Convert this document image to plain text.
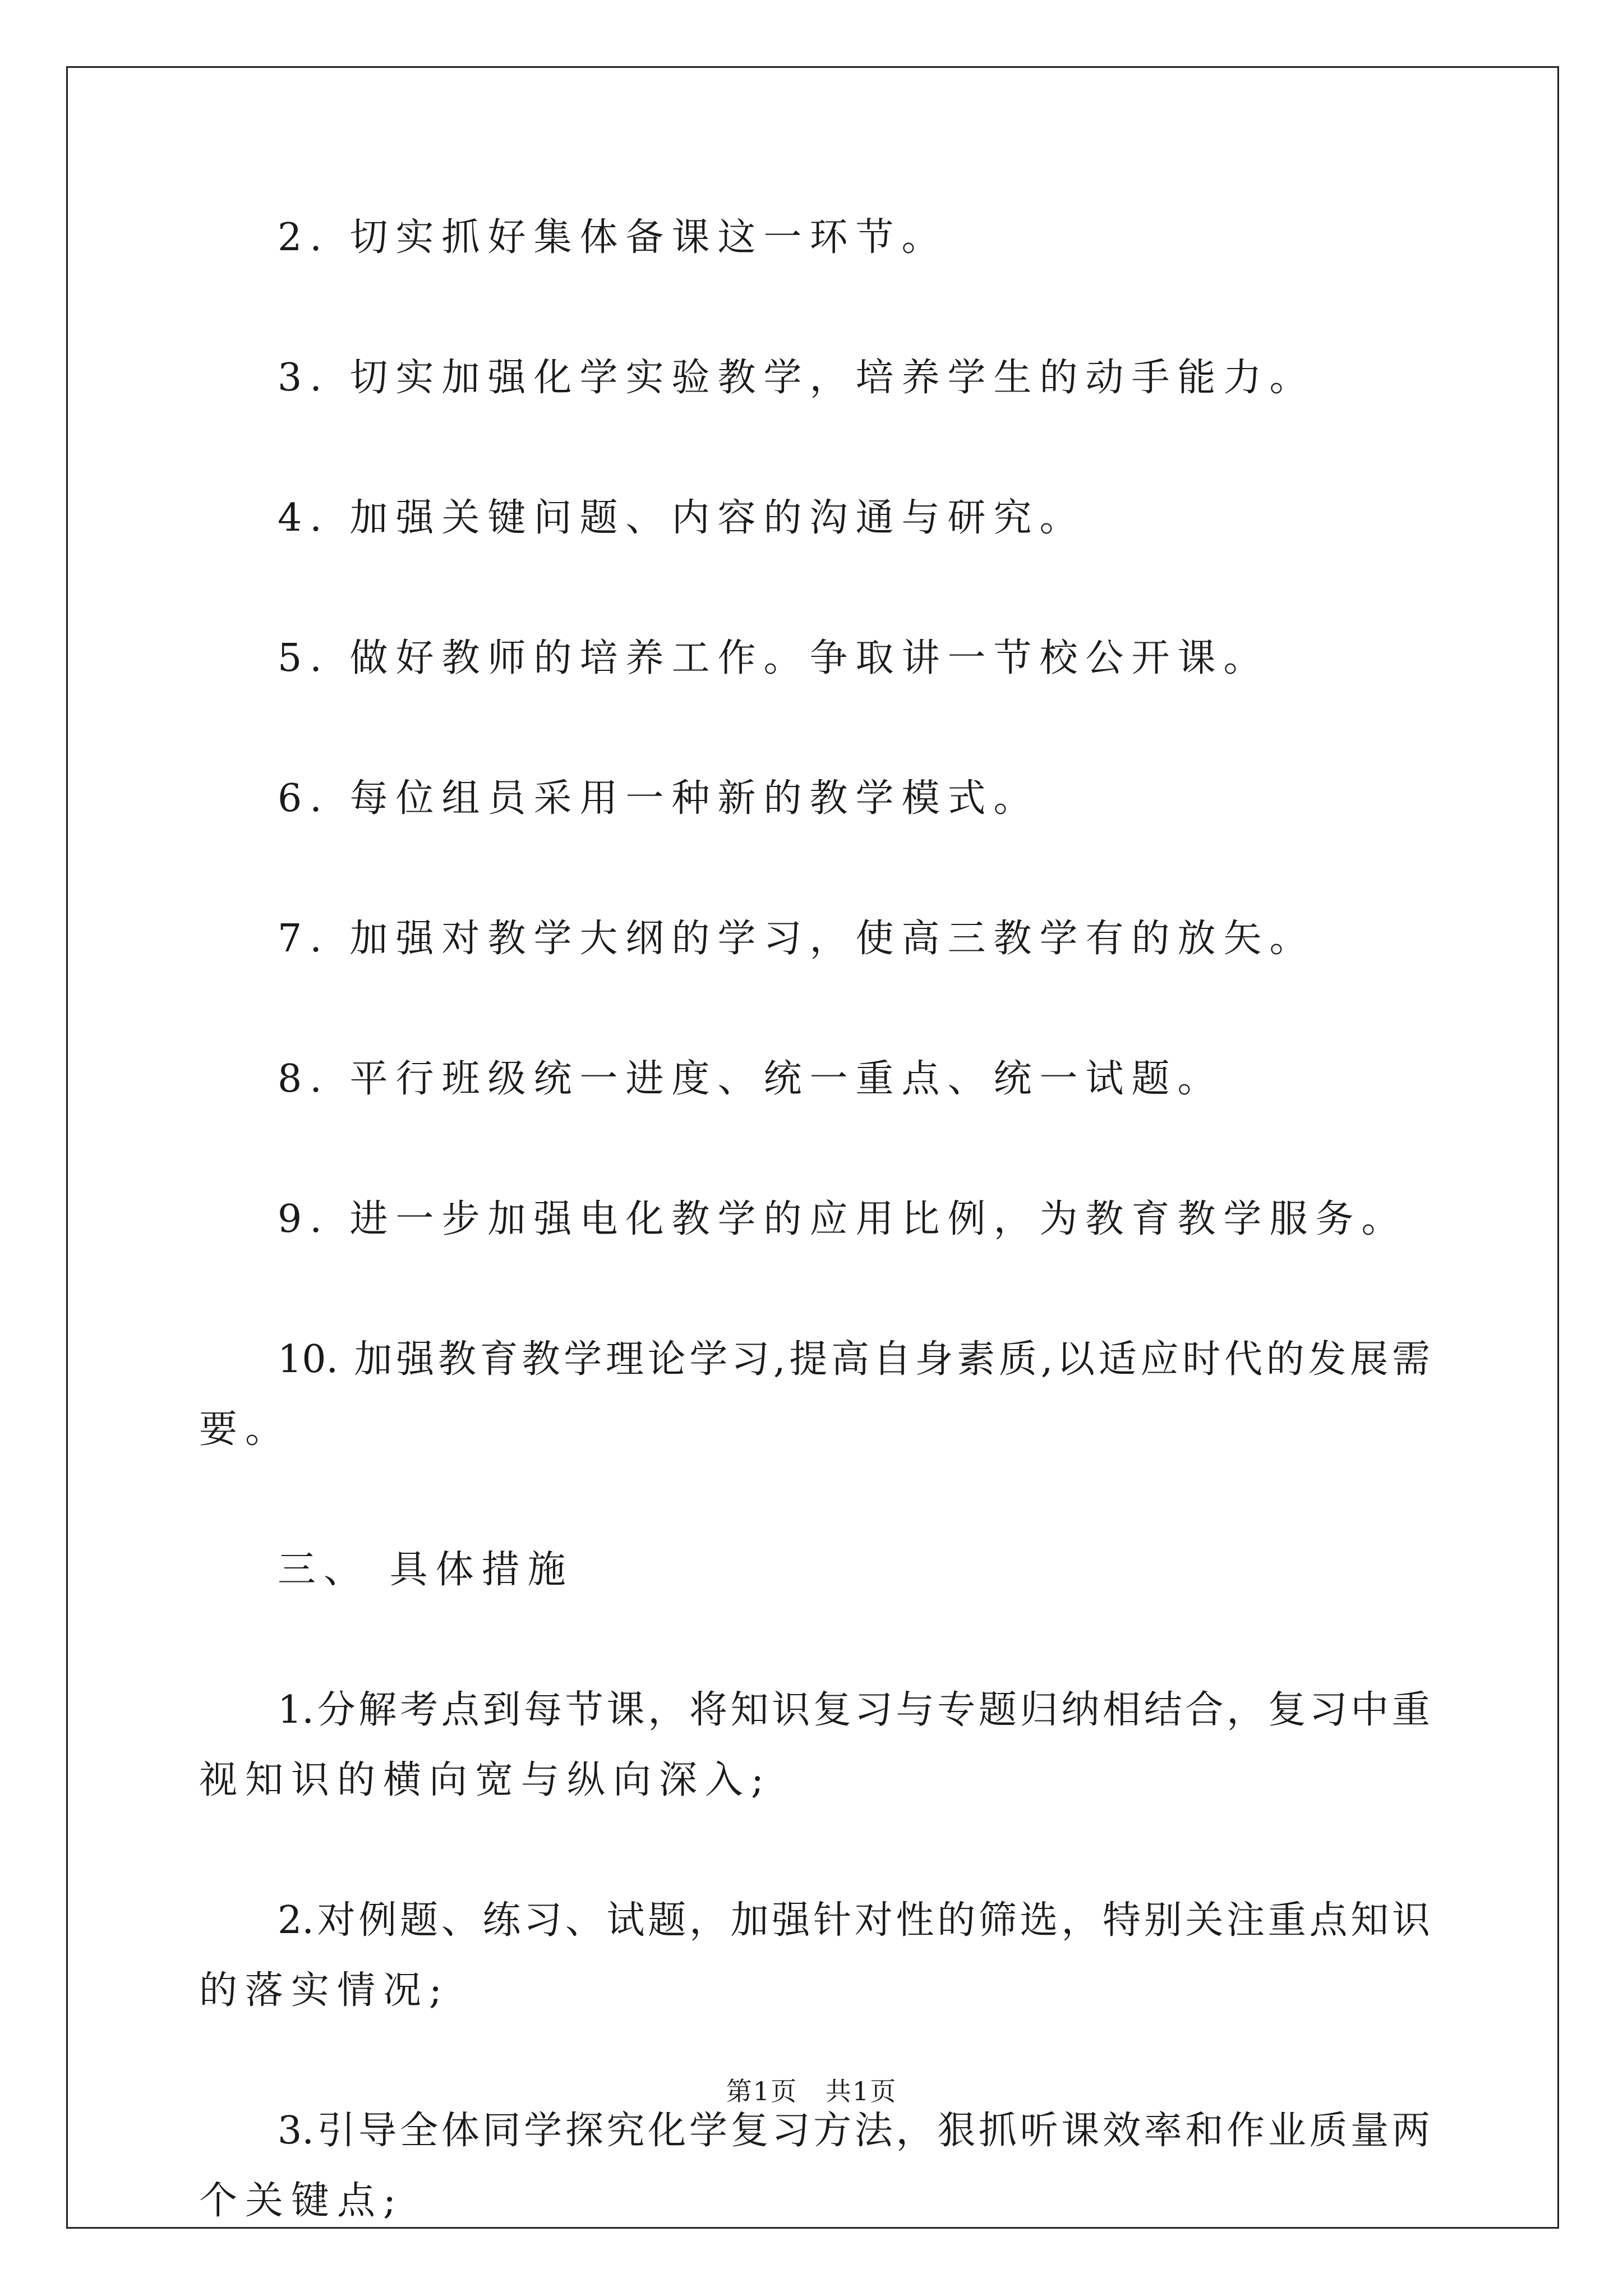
2. 切实抓好集体备课这一环节。
3. 切实加强化学实验教学，培养学生的动手能力。
4. 加强关键问题、内容的沟通与研究。
5. 做好教师的培养工作。争取讲一节校公开课。
6. 每位组员采用一种新的教学模式。
7. 加强对教学大纲的学习，使高三教学有的放矢。
8. 平行班级统一进度、统一重点、统一试题。
9. 进一步加强电化教学的应用比例，为教育教学服务。
10. 加强教育教学理论学习,提高自身素质,以适应时代的发展需
要。
三、 具体措施
1.分解考点到每节课，将知识复习与专题归纳相结合，复习中重
视知识的横向宽与纵向深入;
2.对例题、练习、试题，加强针对性的筛选，特别关注重点知识
的落实情况;
3.引导全体同学探究化学复习方法，狠抓听课效率和作业质量两
个关键点;
第1页   共1页
